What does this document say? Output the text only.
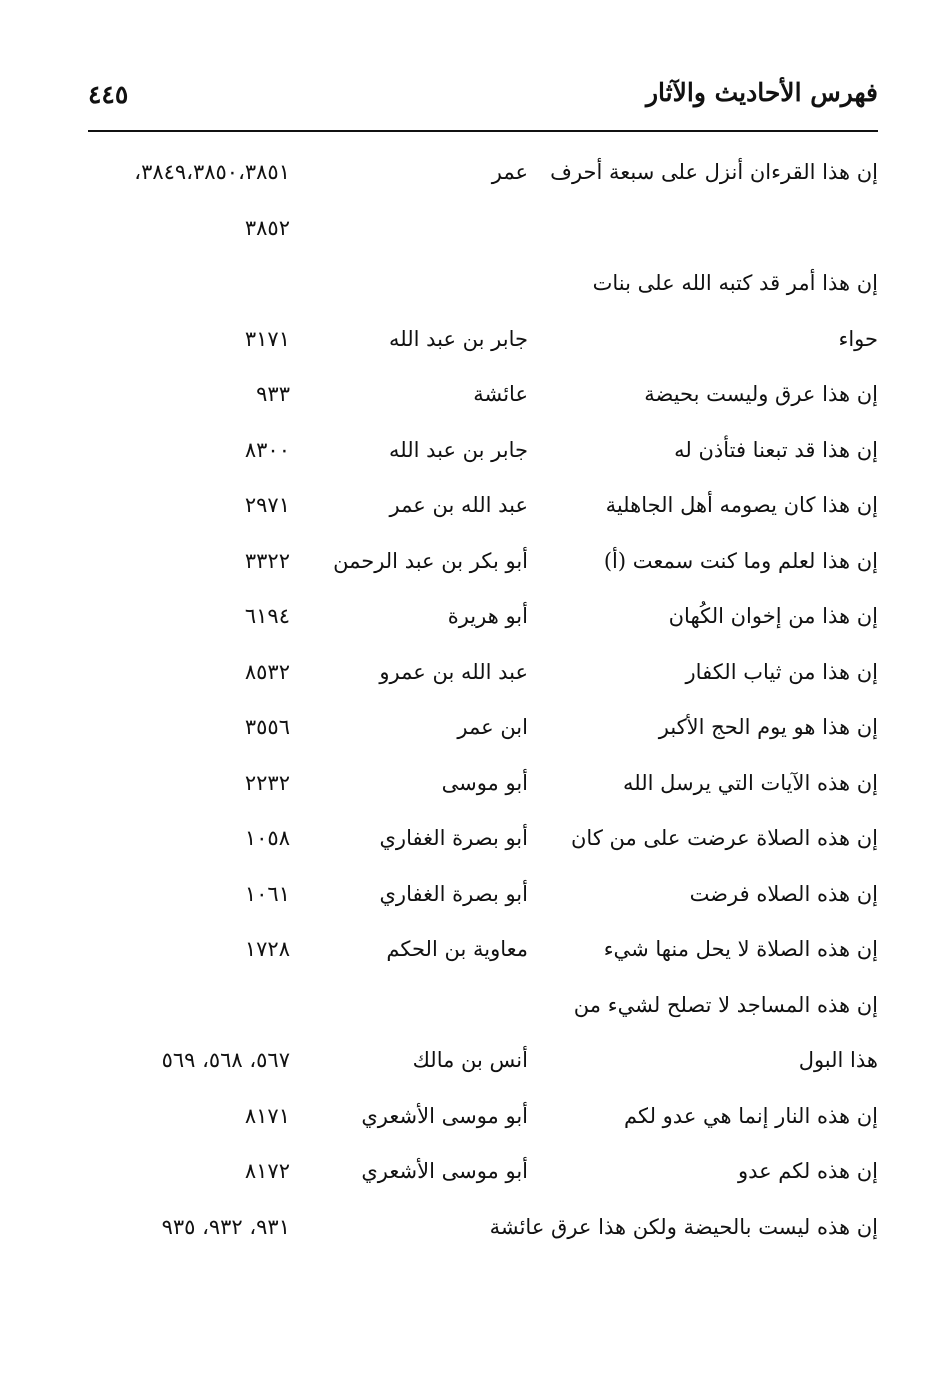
فهرس الأحاديث والآثار
٤٤٥
إن هذا القرءان أنزل على سبعة أحرف
عمر
٣٨٤٩،٣٨٥٠،٣٨٥١،
٣٨٥٢
إن هذا أمر قد كتبه الله على بنات
حواء
جابر بن عبد الله
٣١٧١
إن هذا عرق وليست بحيضة
عائشة
٩٣٣
إن هذا قد تبعنا فتأذن له
جابر بن عبد الله
٨٣٠٠
إن هذا كان يصومه أهل الجاهلية
عبد الله بن عمر
٢٩٧١
إن هذا لعلم وما كنت سمعت (أ)
أبو بكر بن عبد الرحمن
٣٣٢٢
إن هذا من إخوان الكُهان
أبو هريرة
٦١٩٤
إن هذا من ثياب الكفار
عبد الله بن عمرو
٨٥٣٢
إن هذا هو يوم الحج الأكبر
ابن عمر
٣٥٥٦
إن هذه الآيات التي يرسل الله
أبو موسى
٢٢٣٢
إن هذه الصلاة عرضت على من كان
أبو بصرة الغفاري
١٠٥٨
إن هذه الصلاه فرضت
أبو بصرة الغفاري
١٠٦١
إن هذه الصلاة لا يحل منها شيء
معاوية بن الحكم
١٧٢٨
إن هذه المساجد لا تصلح لشيء من
هذا البول
أنس بن مالك
٥٦٧، ٥٦٨، ٥٦٩
إن هذه النار إنما هي عدو لكم
أبو موسى الأشعري
٨١٧١
إن هذه لكم عدو
أبو موسى الأشعري
٨١٧٢
إن هذه ليست بالحيضة ولكن هذا عرق عائشة
٩٣١، ٩٣٢، ٩٣٥
